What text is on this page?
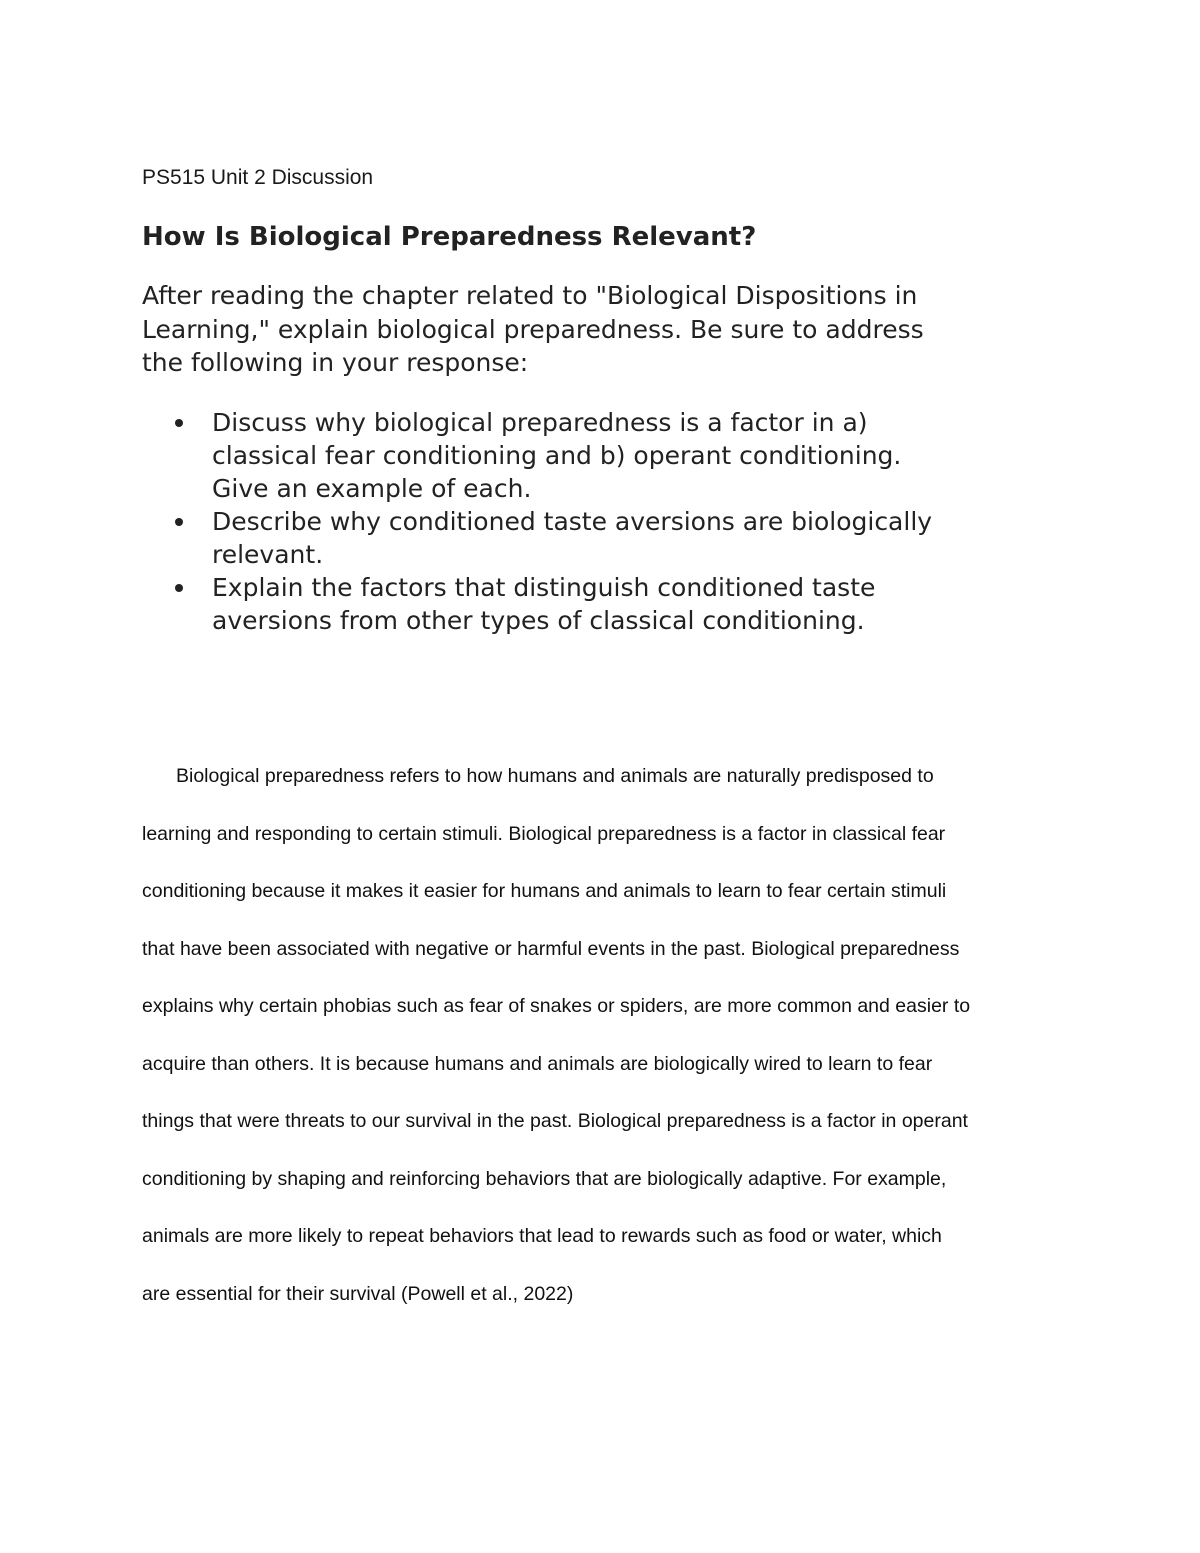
PS515 Unit 2 Discussion
How Is Biological Preparedness Relevant?

After reading the chapter related to "Biological Dispositions in
Learning," explain biological preparedness. Be sure to address
the following in your response:

Discuss why biological preparedness is a factor in a)
classical fear conditioning and b) operant conditioning.
Give an example of each.
Describe why conditioned taste aversions are biologically
relevant.
Explain the factors that distinguish conditioned taste
aversions from other types of classical conditioning.

Biological preparedness refers to how humans and animals are naturally predisposed to
learning and responding to certain stimuli. Biological preparedness is a factor in classical fear
conditioning because it makes it easier for humans and animals to learn to fear certain stimuli
that have been associated with negative or harmful events in the past. Biological preparedness
explains why certain phobias such as fear of snakes or spiders, are more common and easier to
acquire than others. It is because humans and animals are biologically wired to learn to fear
things that were threats to our survival in the past. Biological preparedness is a factor in operant
conditioning by shaping and reinforcing behaviors that are biologically adaptive. For example,
animals are more likely to repeat behaviors that lead to rewards such as food or water, which
are essential for their survival (Powell et al., 2022)
